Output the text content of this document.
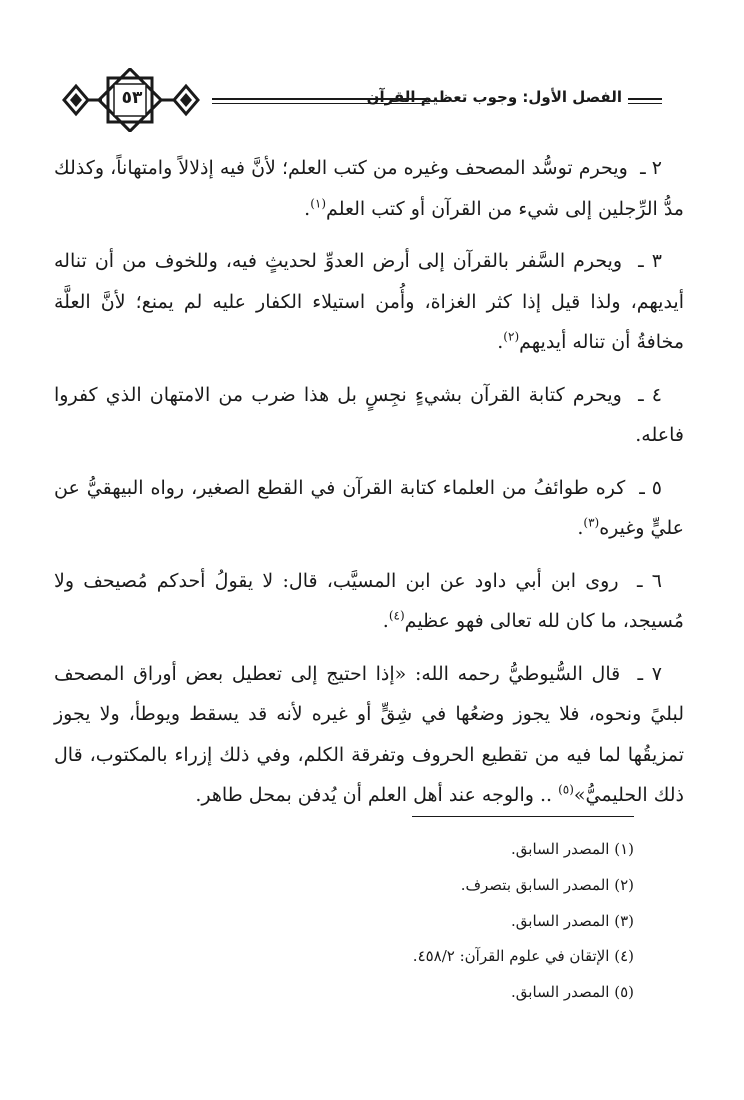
٥٣	الفصل الأول: وجوب تعظيم القرآن

٢ ـ  ويحرم توسُّد المصحف وغيره من كتب العلم؛ لأنَّ فيه إذلالاً وامتهاناً، وكذلك مدُّ الرِّجلين إلى شيء من القرآن أو كتب العلم$^{(١)}$.

٣ ـ  ويحرم السَّفر بالقرآن إلى أرض العدوِّ لحديثٍ فيه، وللخوف من أن تناله أيديهم، ولذا قيل إذا كثر الغزاة، وأُمن استيلاء الكفار عليه لم يمنع؛ لأنَّ العلَّة مخافةُ أن تناله أيديهم$^{(٢)}$.

٤ ـ  ويحرم كتابة القرآن بشيءٍ نجِسٍ بل هذا ضرب من الامتهان الذي كفروا فاعله.

٥ ـ  كره طوائفُ من العلماء كتابة القرآن في القطع الصغير، رواه البيهقيُّ عن عليٍّ وغيره$^{(٣)}$.

٦ ـ  روى ابن أبي داود عن ابن المسيَّب، قال: لا يقولُ أحدكم مُصيحف ولا مُسيجد، ما كان لله تعالى فهو عظيم$^{(٤)}$.

٧ ـ  قال السُّيوطيُّ رحمه الله: «إذا احتيج إلى تعطيل بعض أوراق المصحف لبليً ونحوه، فلا يجوز وضعُها في شِقٍّ أو غيره لأنه قد يسقط ويوطأ، ولا يجوز تمزيقُها لما فيه من تقطيع الحروف وتفرقة الكلم، وفي ذلك إزراء بالمكتوب، قال ذلك الحليميُّ»$^{(٥)}$ .. والوجه عند أهل العلم أن يُدفن بمحل طاهر.

(١) المصدر السابق.

(٢) المصدر السابق بتصرف.

(٣) المصدر السابق.

(٤) الإتقان في علوم القرآن: ٤٥٨/٢.

(٥) المصدر السابق.
